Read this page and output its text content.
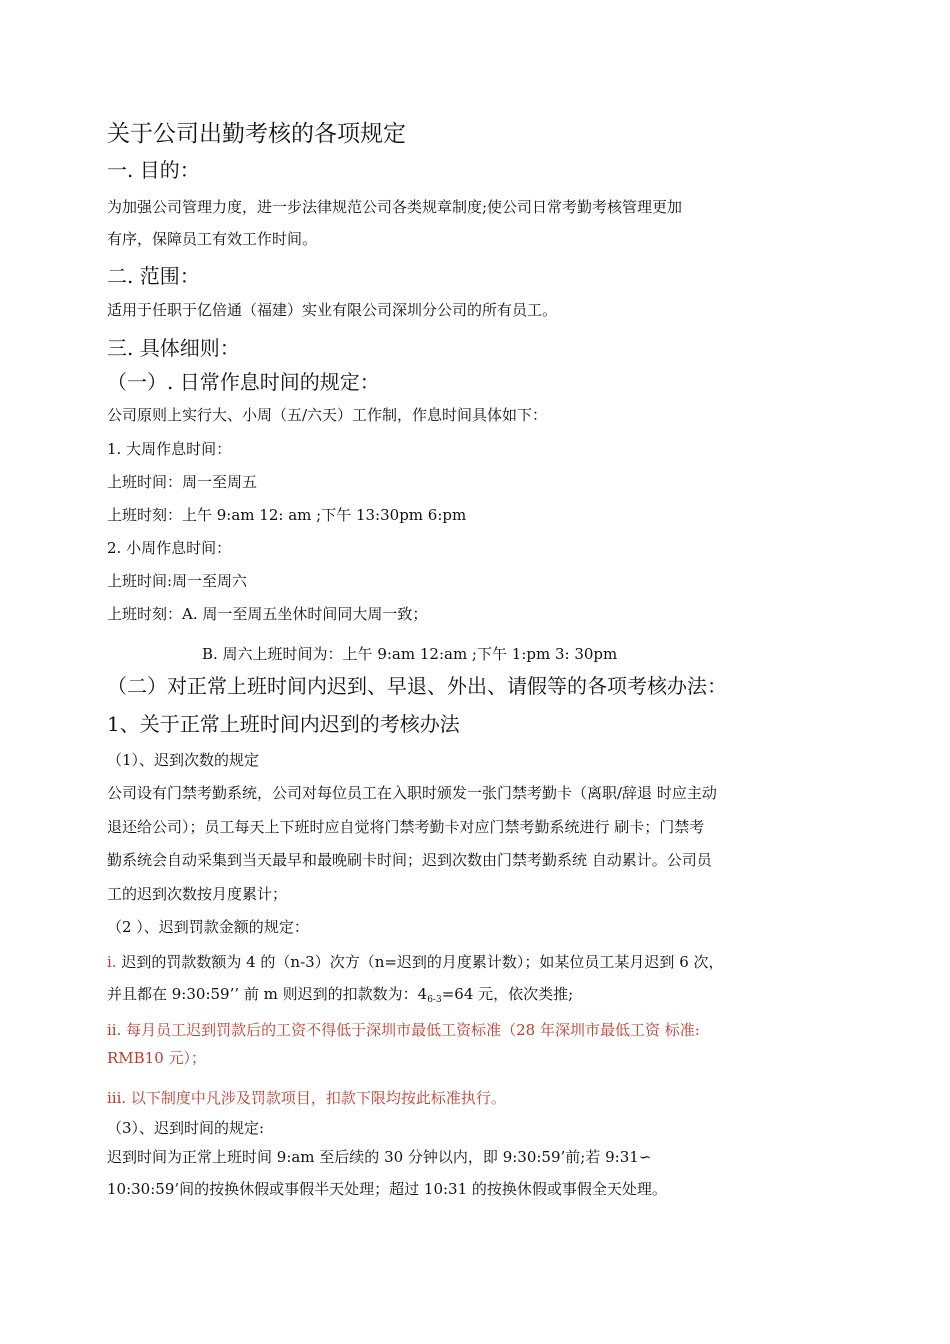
关于公司出勤考核的各项规定
一. 目的：
为加强公司管理力度，进一步法律规范公司各类规章制度;使公司日常考勤考核管理更加
有序，保障员工有效工作时间。
二. 范围：
适用于任职于亿倍通（福建）实业有限公司深圳分公司的所有员工。
三. 具体细则：
（一）. 日常作息时间的规定：
公司原则上实行大、小周（五/六天）工作制，作息时间具体如下：
1. 大周作息时间：
上班时间：周一至周五
上班时刻：上午 9:am 12: am ;下午 13:30pm 6:pm
2. 小周作息时间：
上班时间:周一至周六
上班时刻：A. 周一至周五坐休时间同大周一致；
B. 周六上班时间为：上午 9:am 12:am ;下午 1:pm 3: 30pm
（二）对正常上班时间内迟到、早退、外出、请假等的各项考核办法：
1、关于正常上班时间内迟到的考核办法
（1）、迟到次数的规定
公司设有门禁考勤系统，公司对每位员工在入职时颁发一张门禁考勤卡（离职/辞退 时应主动
退还给公司）；员工每天上下班时应自觉将门禁考勤卡对应门禁考勤系统进行 刷卡；门禁考
勤系统会自动采集到当天最早和最晚刷卡时间；迟到次数由门禁考勤系统 自动累计。公司员
工的迟到次数按月度累计；
（2 ）、迟到罚款金额的规定：
i. 迟到的罚款数额为 4 的（n-3）次方（n=迟到的月度累计数）；如某位员工某月迟到 6 次，
并且都在 9:30:59’’ 前 m 则迟到的扣款数为：$4_{6-3}=64$ 元，依次类推;
ii. 每月员工迟到罚款后的工资不得低于深圳市最低工资标准（28 年深圳市最低工资 标准:
RMB10 元）；
iii. 以下制度中凡涉及罚款项目，扣款下限均按此标准执行。
（3）、迟到时间的规定:
迟到时间为正常上班时间 9:am 至后续的 30 分钟以内，即 9:30:59’前;若 9:31∽
10:30:59’间的按换休假或事假半天处理；超过 10:31 的按换休假或事假全天处理。
